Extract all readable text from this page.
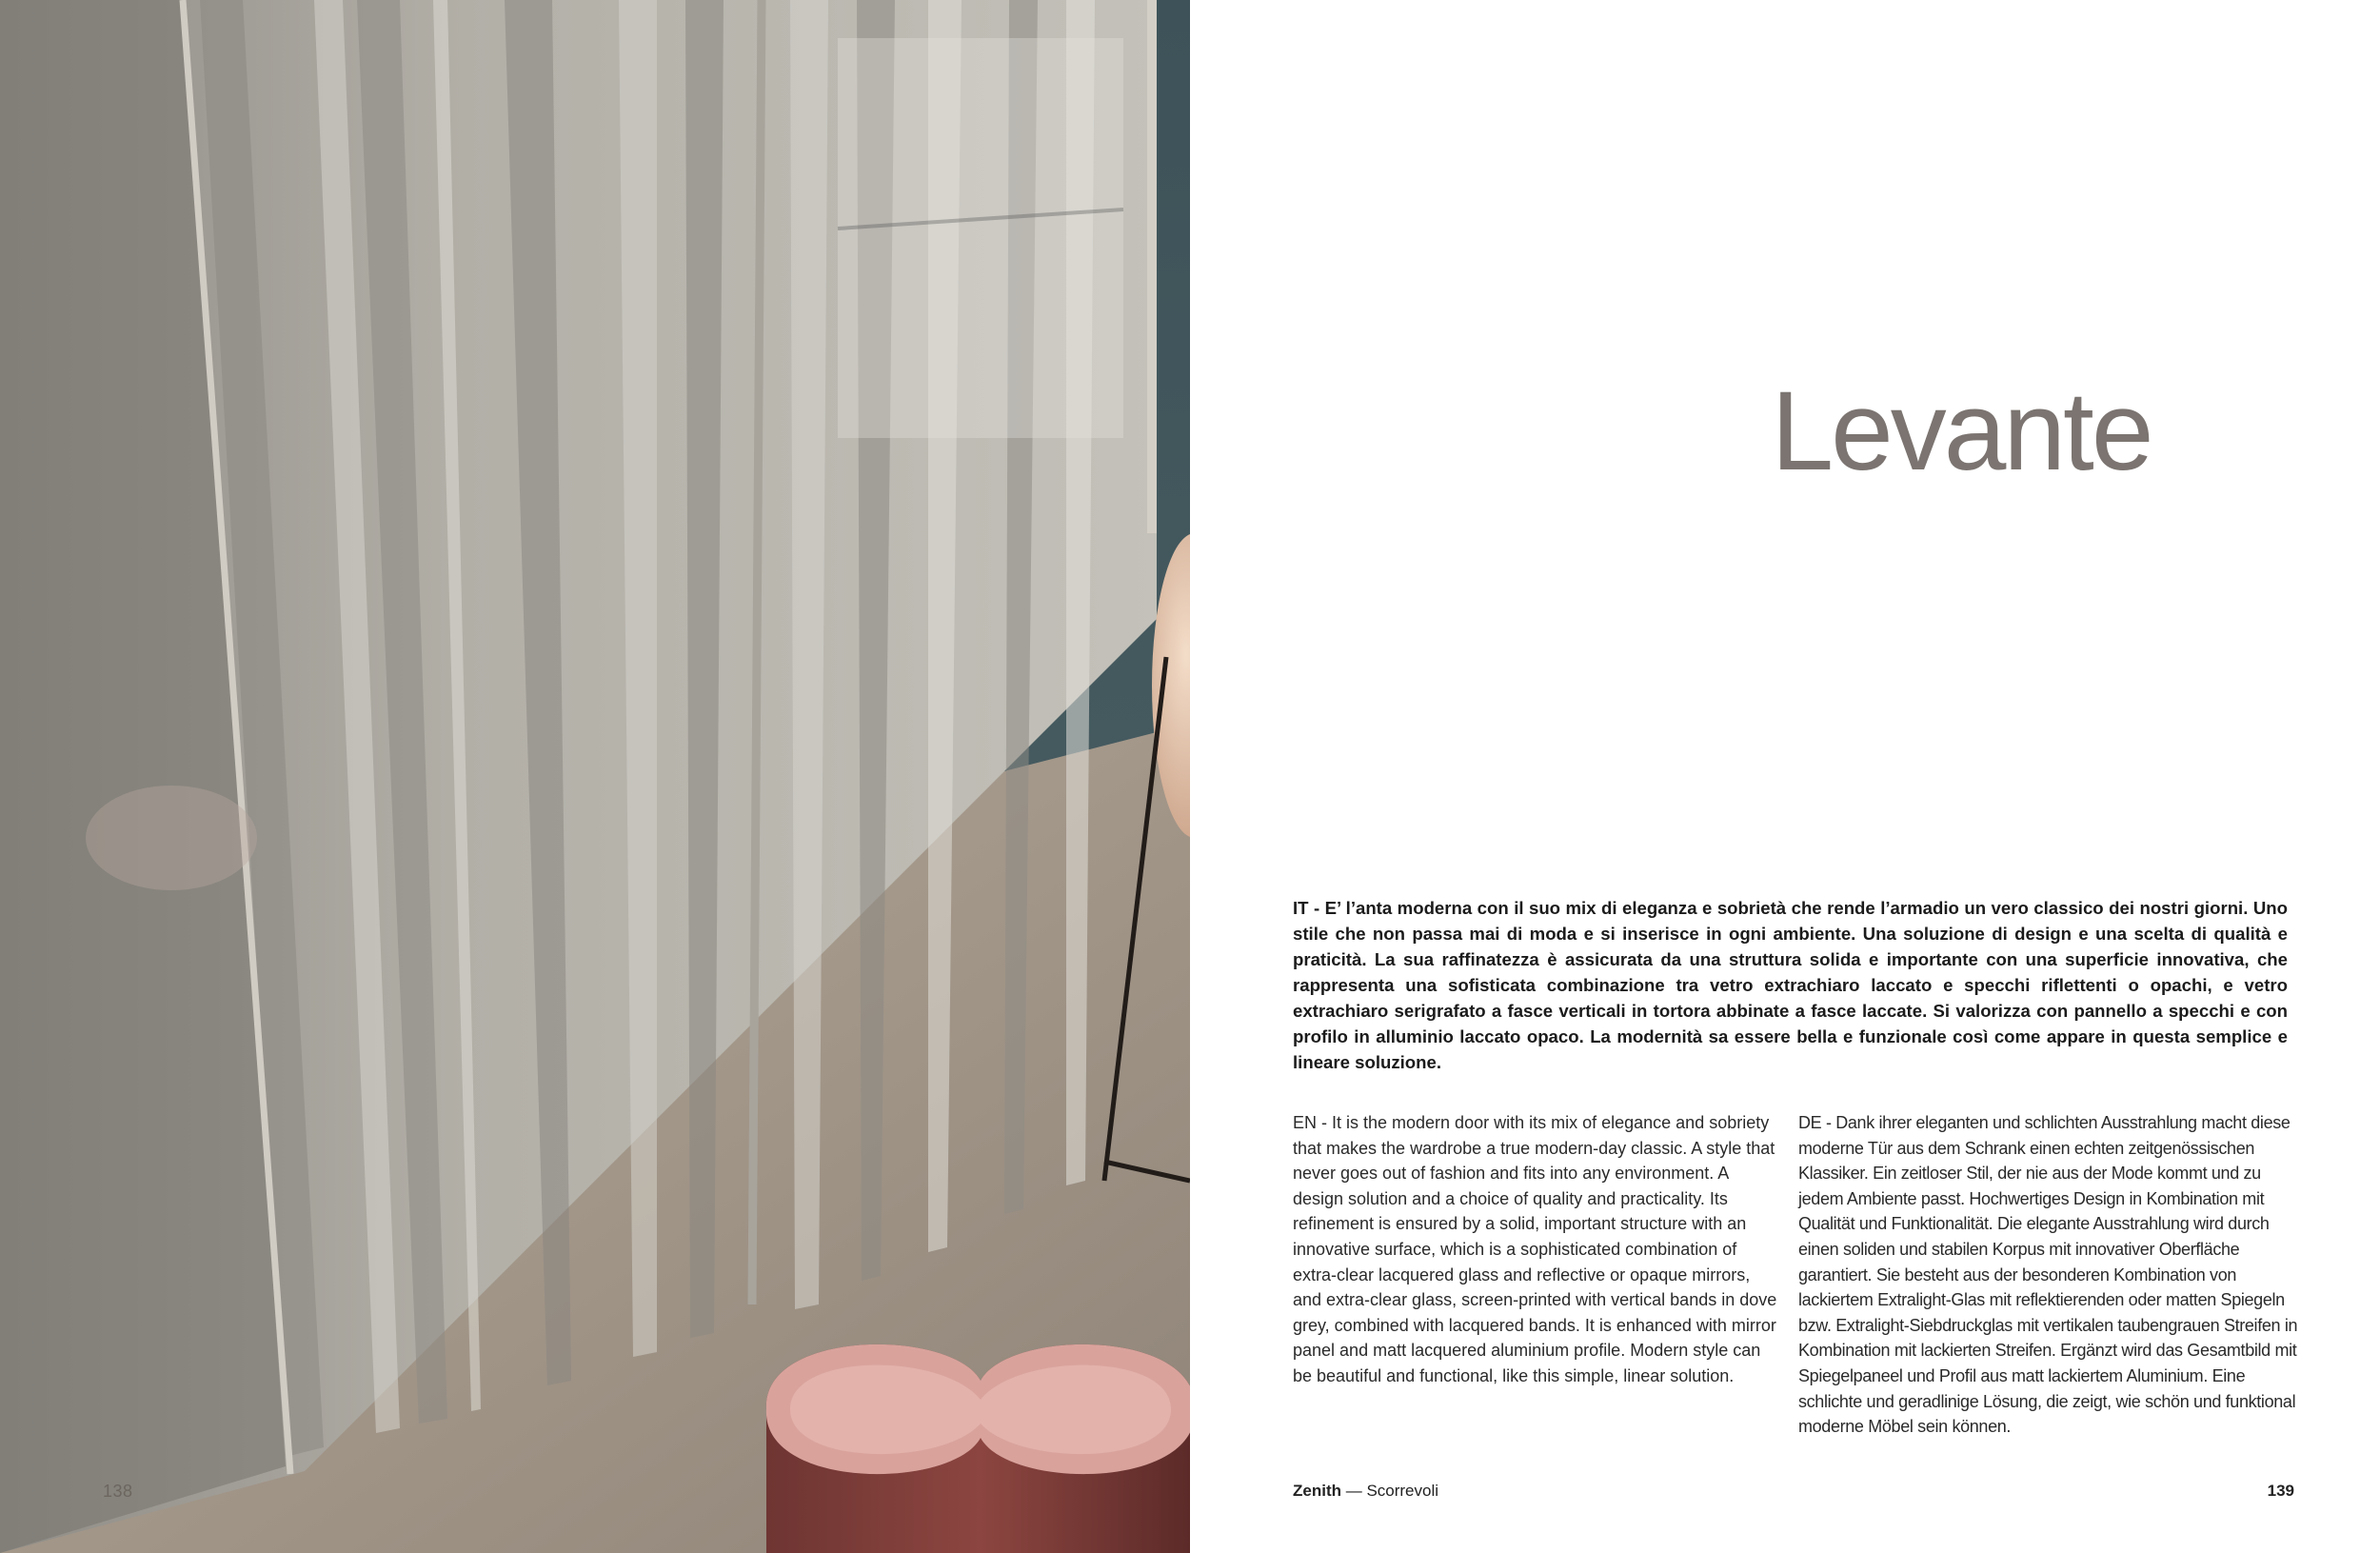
138
Levante
IT - E’ l’anta moderna con il suo mix di eleganza e sobrietà che rende l’armadio un vero classico dei nostri giorni. Uno stile che non passa mai di moda e si inserisce in ogni ambiente. Una soluzione di design e una scelta di qualità e praticità. La sua raffinatezza è assicurata da una struttura solida e importante con una superficie innovativa, che rappresenta una sofisticata combinazione tra vetro extrachiaro laccato e specchi riflettenti o opachi, e vetro extrachiaro serigrafato a fasce verticali in tortora abbinate a fasce laccate. Si valorizza con pannello a specchi e con profilo in alluminio laccato opaco. La modernità sa essere bella e funzionale così come appare in questa semplice e lineare soluzione.
EN - It is the modern door with its mix of elegance and sobriety that makes the wardrobe a true modern-day classic. A style that never goes out of fashion and fits into any environment. A design solution and a choice of quality and practicality. Its refinement is ensured by a solid, important structure with an innovative surface, which is a sophisticated combination of extra-clear lacquered glass and reflective or opaque mirrors, and extra-clear glass, screen-printed with vertical bands in dove grey, combined with lacquered bands. It is enhanced with mirror panel and matt lacquered aluminium profile. Modern style can be beautiful and functional, like this simple, linear solution.
DE - Dank ihrer eleganten und schlichten Ausstrahlung macht diese moderne Tür aus dem Schrank einen echten zeitgenössischen Klassiker. Ein zeitloser Stil, der nie aus der Mode kommt und zu jedem Ambiente passt. Hochwertiges Design in Kombination mit Qualität und Funktionalität. Die elegante Ausstrahlung wird durch einen soliden und stabilen Korpus mit innovativer Oberfläche garantiert. Sie besteht aus der besonderen Kombination von lackiertem Extralight-Glas mit reflektierenden oder matten Spiegeln bzw. Extralight-Siebdruckglas mit vertikalen taubengrauen Streifen in Kombination mit lackierten Streifen. Ergänzt wird das Gesamtbild mit Spiegelpaneel und Profil aus matt lackiertem Aluminium. Eine schlichte und geradlinige Lösung, die zeigt, wie schön und funktional moderne Möbel sein können.
Zenith — Scorrevoli	139
